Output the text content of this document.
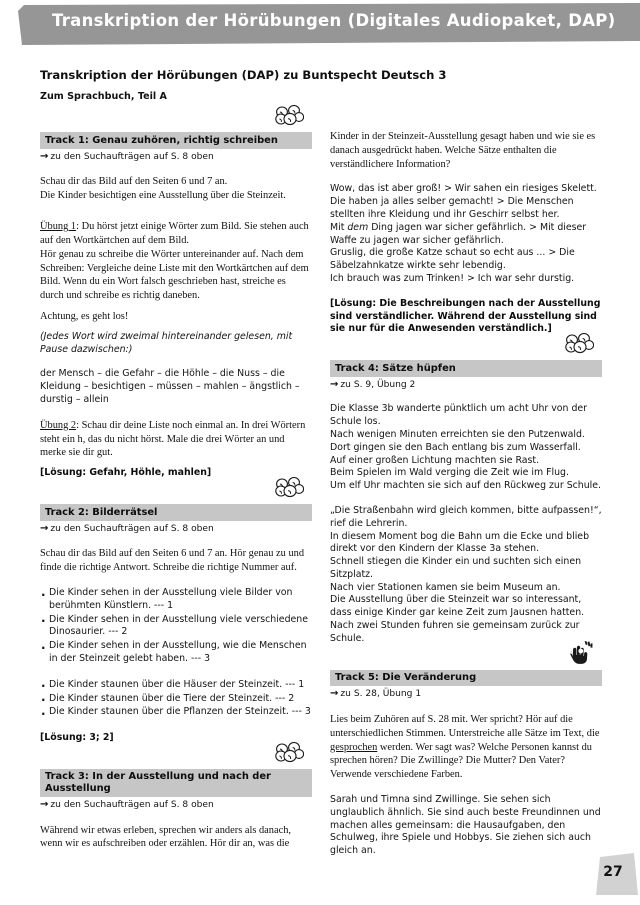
Transkription der Hörübungen (Digitales Audiopaket, DAP)
Transkription der Hörübungen (DAP) zu Buntspecht Deutsch 3
Zum Sprachbuch, Teil A
Track 1: Genau zuhören, richtig schreiben
→ zu den Suchaufträgen auf S. 8 oben

Schau dir das Bild auf den Seiten 6 und 7 an.

Die Kinder besichtigen eine Ausstellung über die Steinzeit.

Übung 1: Du hörst jetzt einige Wörter zum Bild. Sie stehen auch auf den Wortkärtchen auf dem Bild.

Hör genau zu schreibe die Wörter untereinander auf. Nach dem Schreiben: Vergleiche deine Liste mit den Wortkärtchen auf dem Bild. Wenn du ein Wort falsch geschrieben hast, streiche es durch und schreibe es richtig daneben.

Achtung, es geht los!

(Jedes Wort wird zweimal hintereinander gelesen, mit Pause dazwischen:)

der Mensch – die Gefahr – die Höhle – die Nuss – die Kleidung – besichtigen – müssen – mahlen – ängstlich – durstig – allein

Übung 2: Schau dir deine Liste noch einmal an. In drei Wörtern steht ein h, das du nicht hörst. Male die drei Wörter an und merke sie dir gut.

[Lösung: Gefahr, Höhle, mahlen]

Track 2: Bilderrätsel
→ zu den Suchaufträgen auf S. 8 oben

Schau dir das Bild auf den Seiten 6 und 7 an. Hör genau zu und finde die richtige Antwort. Schreibe die richtige Nummer auf.

· Die Kinder sehen in der Ausstellung viele Bilder von berühmten Künstlern. --- 1
· Die Kinder sehen in der Ausstellung viele verschiedene Dinosaurier. --- 2
· Die Kinder sehen in der Ausstellung, wie die Menschen in der Steinzeit gelebt haben. --- 3
· Die Kinder staunen über die Häuser der Steinzeit. --- 1
· Die Kinder staunen über die Tiere der Steinzeit. --- 2
· Die Kinder staunen über die Pflanzen der Steinzeit. --- 3

[Lösung: 3; 2]

Track 3: In der Ausstellung und nach der Ausstellung
→ zu den Suchaufträgen auf S. 8 oben

Während wir etwas erleben, sprechen wir anders als danach, wenn wir es aufschreiben oder erzählen. Hör dir an, was die

Kinder in der Steinzeit-Ausstellung gesagt haben und wie sie es danach ausgedrückt haben. Welche Sätze enthalten die verständlichere Information?

Wow, das ist aber groß! > Wir sahen ein riesiges Skelett.

Die haben ja alles selber gemacht! > Die Menschen stellten ihre Kleidung und ihr Geschirr selbst her.

Mit dem Ding jagen war sicher gefährlich. > Mit dieser Waffe zu jagen war sicher gefährlich.

Gruslig, die große Katze schaut so echt aus ... > Die Säbelzahnkatze wirkte sehr lebendig.

Ich brauch was zum Trinken! > Ich war sehr durstig.

[Lösung: Die Beschreibungen nach der Ausstellung sind verständlicher. Während der Ausstellung sind sie nur für die Anwesenden verständlich.]

Track 4: Sätze hüpfen
→ zu S. 9, Übung 2

Die Klasse 3b wanderte pünktlich um acht Uhr von der Schule los.

Nach wenigen Minuten erreichten sie den Putzenwald.

Dort gingen sie den Bach entlang bis zum Wasserfall.

Auf einer großen Lichtung machten sie Rast.

Beim Spielen im Wald verging die Zeit wie im Flug.

Um elf Uhr machten sie sich auf den Rückweg zur Schule.

„Die Straßenbahn wird gleich kommen, bitte aufpassen!“, rief die Lehrerin.

In diesem Moment bog die Bahn um die Ecke und blieb direkt vor den Kindern der Klasse 3a stehen.

Schnell stiegen die Kinder ein und suchten sich einen Sitzplatz.

Nach vier Stationen kamen sie beim Museum an.

Die Ausstellung über die Steinzeit war so interessant, dass einige Kinder gar keine Zeit zum Jausnen hatten.

Nach zwei Stunden fuhren sie gemeinsam zurück zur Schule.

Track 5: Die Veränderung
→ zu S. 28, Übung 1

Lies beim Zuhören auf S. 28 mit. Wer spricht? Hör auf die unterschiedlichen Stimmen. Unterstreiche alle Sätze im Text, die gesprochen werden. Wer sagt was? Welche Personen kannst du sprechen hören? Die Zwillinge? Die Mutter? Den Vater? Verwende verschiedene Farben.

Sarah und Timna sind Zwillinge. Sie sehen sich unglaublich ähnlich. Sie sind auch beste Freundinnen und machen alles gemeinsam: die Hausaufgaben, den Schulweg, ihre Spiele und Hobbys. Sie ziehen sich auch gleich an.

27
